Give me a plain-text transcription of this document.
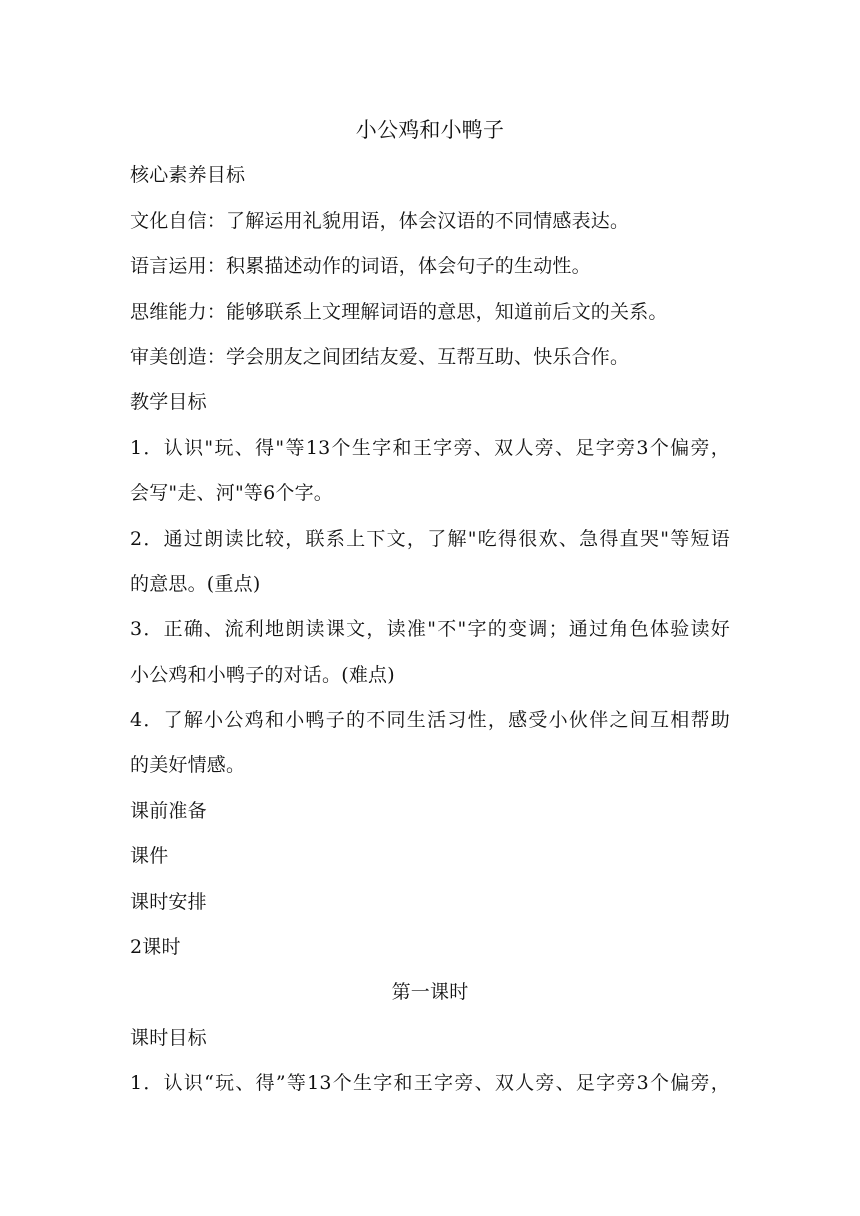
小公鸡和小鸭子
核心素养目标
文化自信：了解运用礼貌用语，体会汉语的不同情感表达。
语言运用：积累描述动作的词语，体会句子的生动性。
思维能力：能够联系上文理解词语的意思，知道前后文的关系。
审美创造：学会朋友之间团结友爱、互帮互助、快乐合作。
教学目标
1．认识"玩、得"等13个生字和王字旁、双人旁、足字旁3个偏旁，
会写"走、河"等6个字。
2．通过朗读比较，联系上下文，了解"吃得很欢、急得直哭"等短语
的意思。(重点)
3．正确、流利地朗读课文，读准"不"字的变调；通过角色体验读好
小公鸡和小鸭子的对话。(难点)
4．了解小公鸡和小鸭子的不同生活习性，感受小伙伴之间互相帮助
的美好情感。
课前准备
课件
课时安排
2课时
第一课时
课时目标
1．认识“玩、得”等13个生字和王字旁、双人旁、足字旁3个偏旁，
